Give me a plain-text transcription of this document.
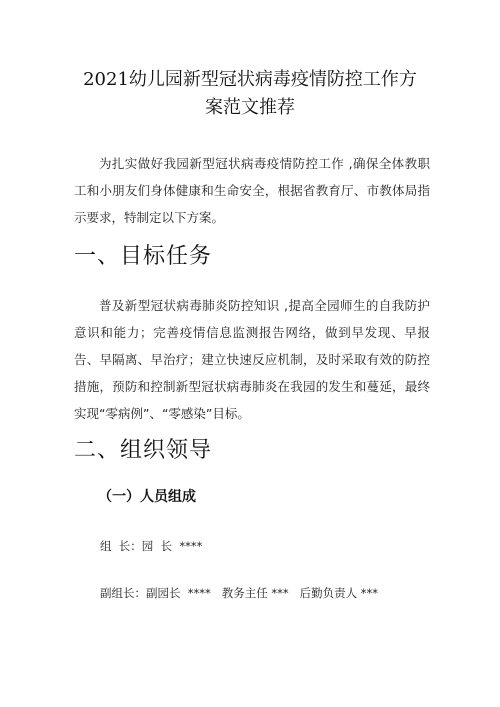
2021幼儿园新型冠状病毒疫情防控工作方
案范文推荐
为扎实做好我园新型冠状病毒疫情防控工作 ,确保全体教职工和小朋友们身体健康和生命安全，根据省教育厅、市教体局指示要求，特制定以下方案。
一、目标任务
普及新型冠状病毒肺炎防控知识 ,提高全园师生的自我防护意识和能力；完善疫情信息监测报告网络，做到早发现、早报告、早隔离、早治疗；建立快速反应机制，及时采取有效的防控措施，预防和控制新型冠状病毒肺炎在我园的发生和蔓延，最终实现“零病例”、“零感染”目标。
二、组织领导
（一）人员组成
组  长：园  长  ****
副组长：副园长  ****   教务主任 ***   后勤负责人 ***
